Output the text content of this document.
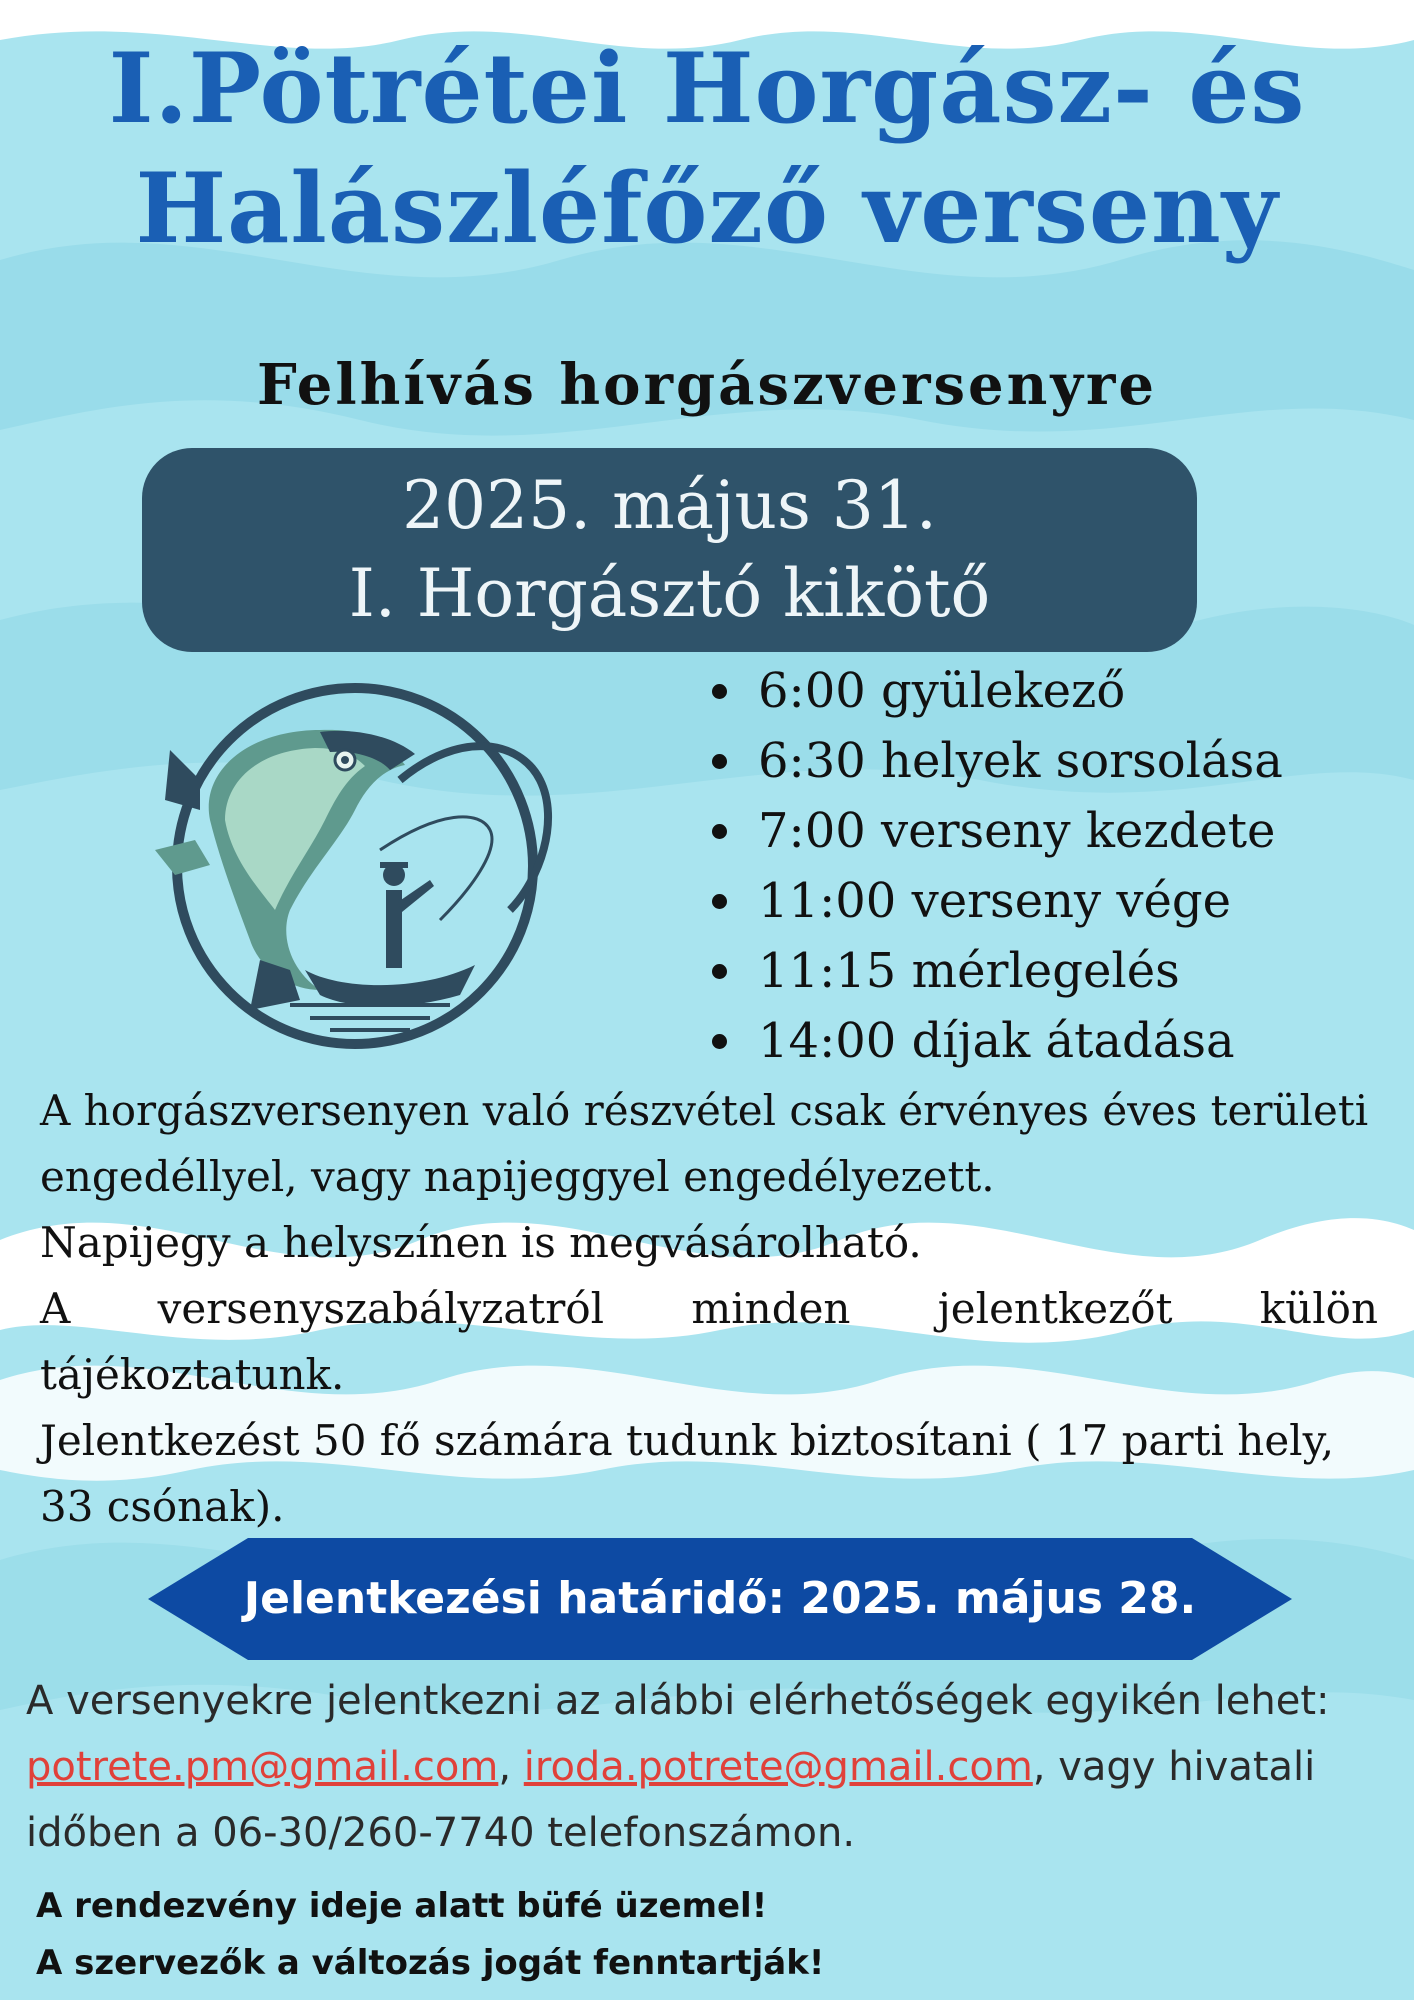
I.Pötrétei Horgász- és
Halászléfőző verseny
Felhívás horgászversenyre
2025. május 31.
I. Horgásztó kikötő
6:00 gyülekező
6:30 helyek sorsolása
7:00 verseny kezdete
11:00 verseny vége
11:15 mérlegelés
14:00 díjak átadása

A horgászversenyen való részvétel csak érvényes éves területi engedéllyel, vagy napijeggyel engedélyezett.

Napijegy a helyszínen is megvásárolható.

A versenyszabályzatról minden jelentkezőt külön

tájékoztatunk.

Jelentkezést 50 fő számára tudunk biztosítani ( 17 parti hely, 33 csónak).

Jelentkezési határidő: 2025. május 28.
A versenyekre jelentkezni az alábbi elérhetőségek egyikén lehet: potrete.pm@gmail.com, iroda.potrete@gmail.com, vagy hivatali időben a 06-30/260-7740 telefonszámon.

A rendezvény ideje alatt büfé üzemel!

A szervezők a változás jogát fenntartják!
